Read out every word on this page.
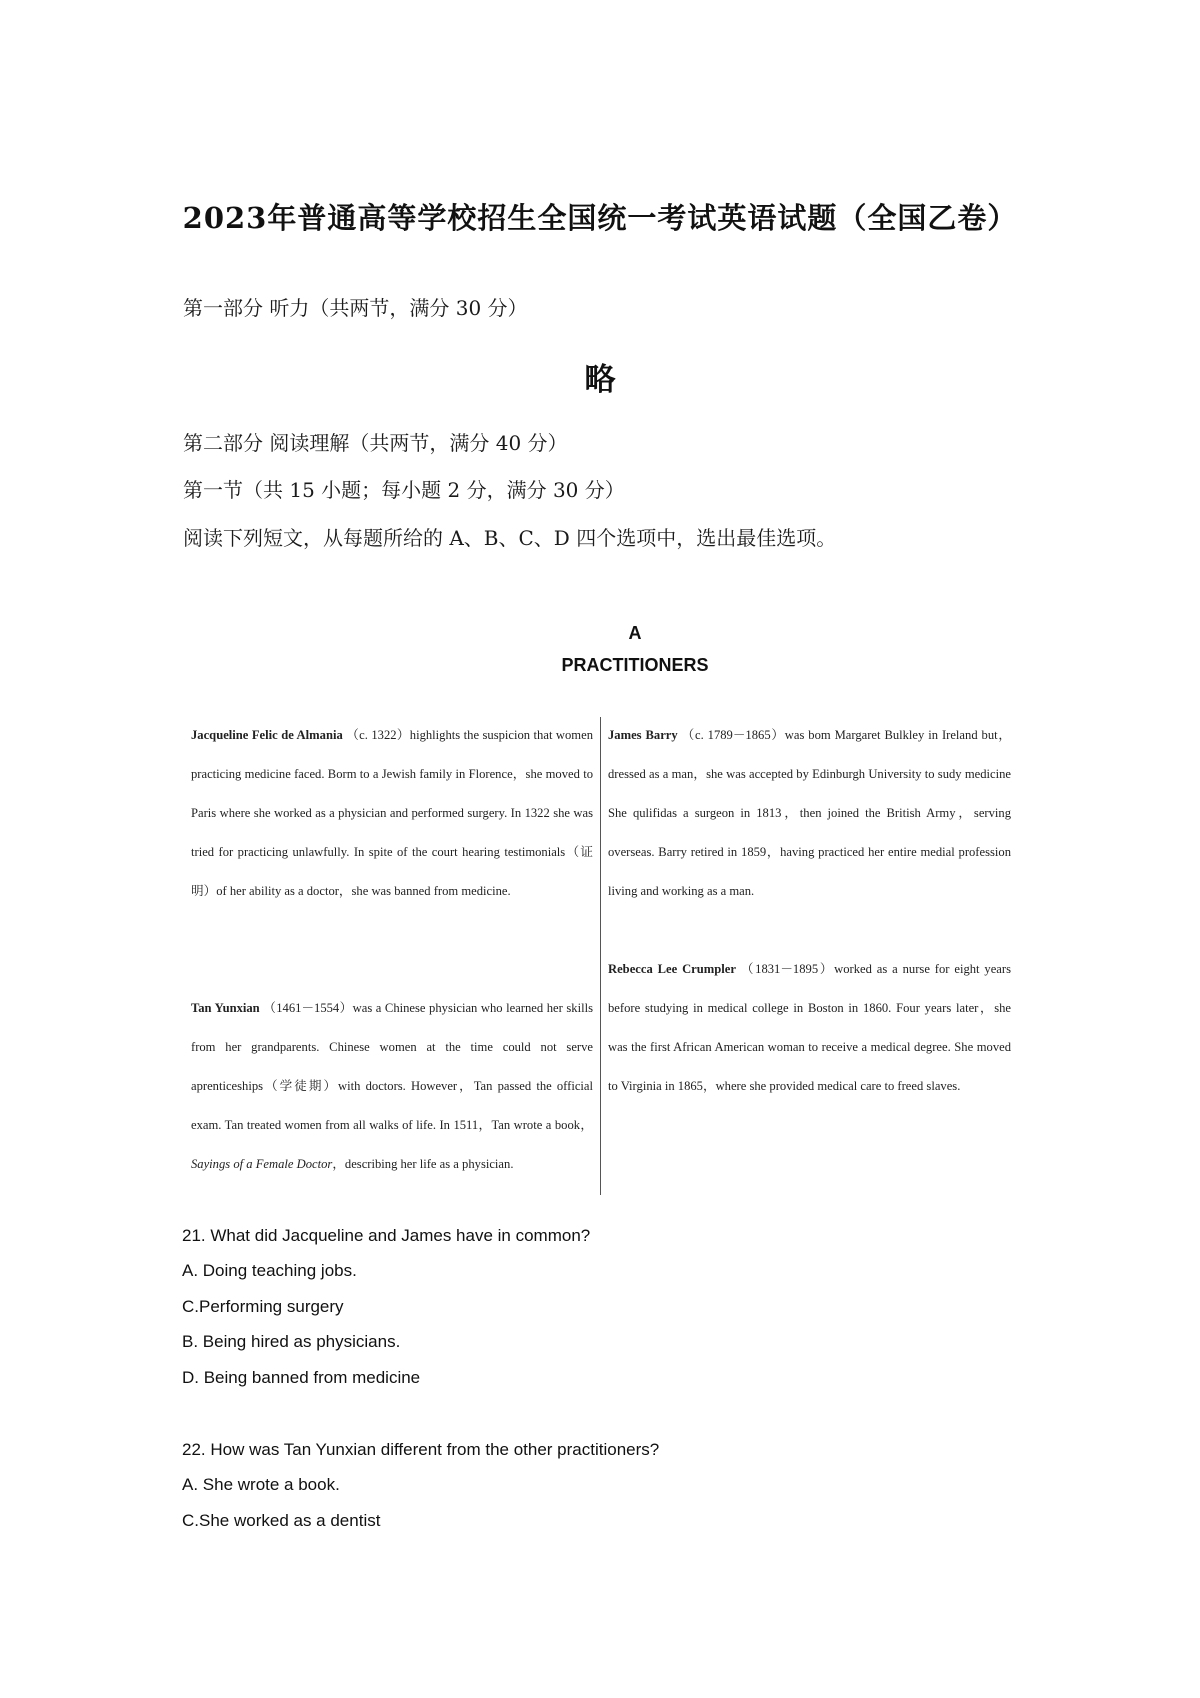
2023年普通高等学校招生全国统一考试英语试题（全国乙卷）
第一部分 听力（共两节，满分 30 分）
略
第二部分 阅读理解（共两节，满分 40 分）
第一节（共 15 小题；每小题 2 分，满分 30 分）
阅读下列短文，从每题所给的 A、B、C、D 四个选项中，选出最佳选项。
A
PRACTITIONERS
Jacqueline Felic de Almania （c. 1322）highlights the suspicion that women practicing medicine faced. Borm to a Jewish family in Florence，she moved to Paris where she worked as a physician and performed surgery. In 1322 she was tried for practicing unlawfully. In spite of the court hearing testimonials（证明）of her ability as a doctor，she was banned from medicine.
Tan Yunxian （1461－1554）was a Chinese physician who learned her skills from her grandparents. Chinese women at the time could not serve aprenticeships（学徒期）with doctors. However，Tan passed the official exam. Tan treated women from all walks of life. In 1511，Tan wrote a book，Sayings of a Female Doctor，describing her life as a physician.
James Barry （c. 1789－1865）was bom Margaret Bulkley in Ireland but，dressed as a man，she was accepted by Edinburgh University to sudy medicine She qulifidas a surgeon in 1813，then joined the British Army，serving overseas. Barry retired in 1859，having practiced her entire medial profession living and working as a man.
Rebecca Lee Crumpler （1831－1895）worked as a nurse for eight years before studying in medical college in Boston in 1860. Four years later，she was the first African American woman to receive a medical degree. She moved to Virginia in 1865，where she provided medical care to freed slaves.
21. What did Jacqueline and James have in common?
A. Doing teaching jobs.
C.Performing surgery
B. Being hired as physicians.
D. Being banned from medicine
22. How was Tan Yunxian different from the other practitioners?
A. She wrote a book.
C.She worked as a dentist
